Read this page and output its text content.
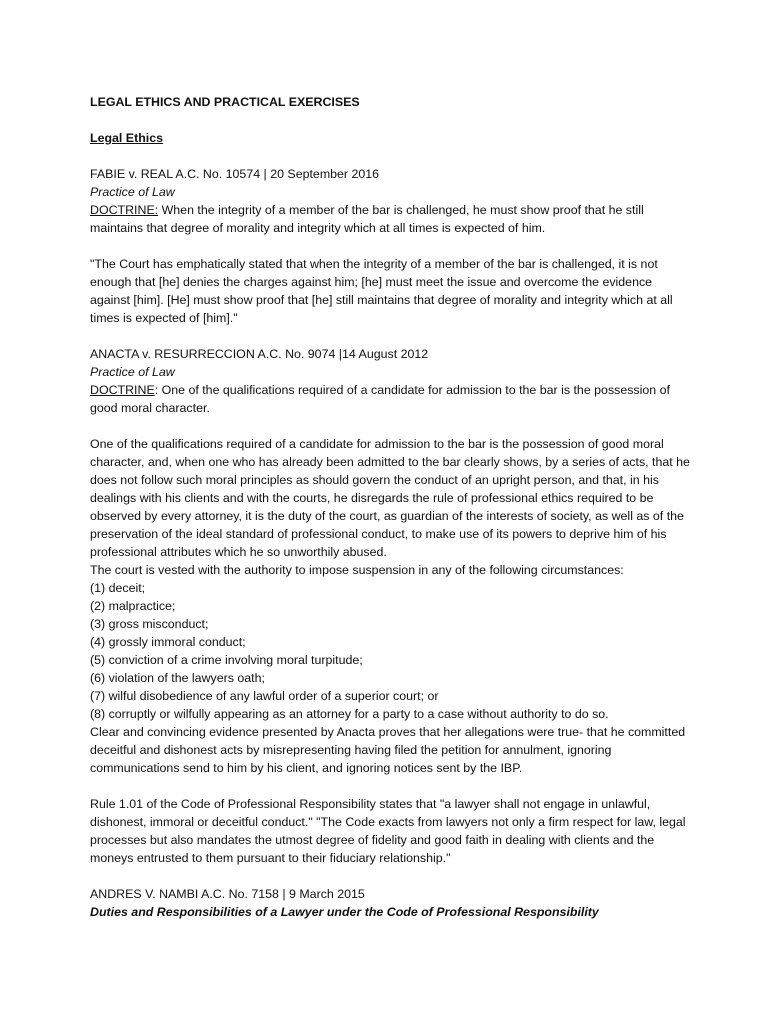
LEGAL ETHICS AND PRACTICAL EXERCISES

Legal Ethics

FABIE v. REAL A.C. No. 10574 | 20 September 2016

Practice of Law

DOCTRINE: When the integrity of a member of the bar is challenged, he must show proof that he still maintains that degree of morality and integrity which at all times is expected of him.

"The Court has emphatically stated that when the integrity of a member of the bar is challenged, it is not enough that [he] denies the charges against him; [he] must meet the issue and overcome the evidence against [him]. [He] must show proof that [he] still maintains that degree of morality and integrity which at all times is expected of [him]."

ANACTA v. RESURRECCION A.C. No. 9074 |14 August 2012

Practice of Law

DOCTRINE: One of the qualifications required of a candidate for admission to the bar is the possession of good moral character.

One of the qualifications required of a candidate for admission to the bar is the possession of good moral character, and, when one who has already been admitted to the bar clearly shows, by a series of acts, that he does not follow such moral principles as should govern the conduct of an upright person, and that, in his dealings with his clients and with the courts, he disregards the rule of professional ethics required to be observed by every attorney, it is the duty of the court, as guardian of the interests of society, as well as of the preservation of the ideal standard of professional conduct, to make use of its powers to deprive him of his professional attributes which he so unworthily abused.

The court is vested with the authority to impose suspension in any of the following circumstances:

(1) deceit;

(2) malpractice;

(3) gross misconduct;

(4) grossly immoral conduct;

(5) conviction of a crime involving moral turpitude;

(6) violation of the lawyers oath;

(7) wilful disobedience of any lawful order of a superior court; or

(8) corruptly or wilfully appearing as an attorney for a party to a case without authority to do so.

Clear and convincing evidence presented by Anacta proves that her allegations were true- that he committed deceitful and dishonest acts by misrepresenting having filed the petition for annulment, ignoring communications send to him by his client, and ignoring notices sent by the IBP.

Rule 1.01 of the Code of Professional Responsibility states that "a lawyer shall not engage in unlawful, dishonest, immoral or deceitful conduct." "The Code exacts from lawyers not only a firm respect for law, legal processes but also mandates the utmost degree of fidelity and good faith in dealing with clients and the moneys entrusted to them pursuant to their fiduciary relationship."

ANDRES V. NAMBI A.C. No. 7158 | 9 March 2015

Duties and Responsibilities of a Lawyer under the Code of Professional Responsibility
